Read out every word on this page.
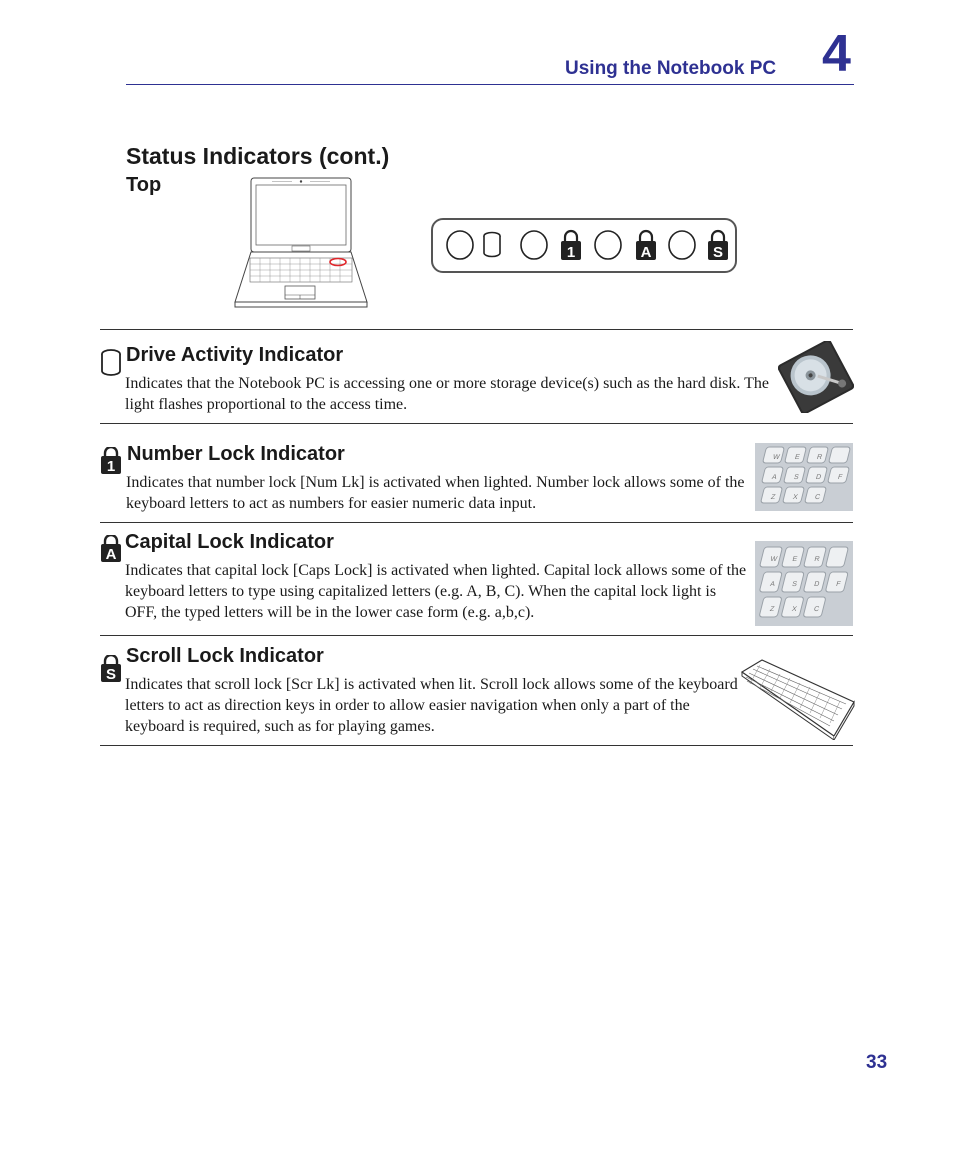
Using the Notebook PC 4
Status Indicators (cont.)
Top
1	A	S
Drive Activity Indicator
Indicates that the Notebook PC is accessing one or more storage device(s) such as the hard disk. The light flashes proportional to the access time.
1
Number Lock Indicator
Indicates that number lock [Num Lk] is activated when lighted. Number lock allows some of the keyboard letters to act as numbers for easier numeric data input.
W E R
A S D F
Z X C
A
Capital Lock Indicator
Indicates that capital lock [Caps Lock] is activated when lighted. Capital lock allows some of the keyboard letters to type using capitalized letters (e.g. A, B, C). When the capital lock light is OFF, the typed letters will be in the lower case form (e.g. a,b,c).
W E R
A S D F
Z X C
S
Scroll Lock Indicator
Indicates that scroll lock [Scr Lk] is activated when lit. Scroll lock allows some of the keyboard letters to act as direction keys in order to allow easier navigation when only a part of the keyboard is required, such as for playing games.
33
